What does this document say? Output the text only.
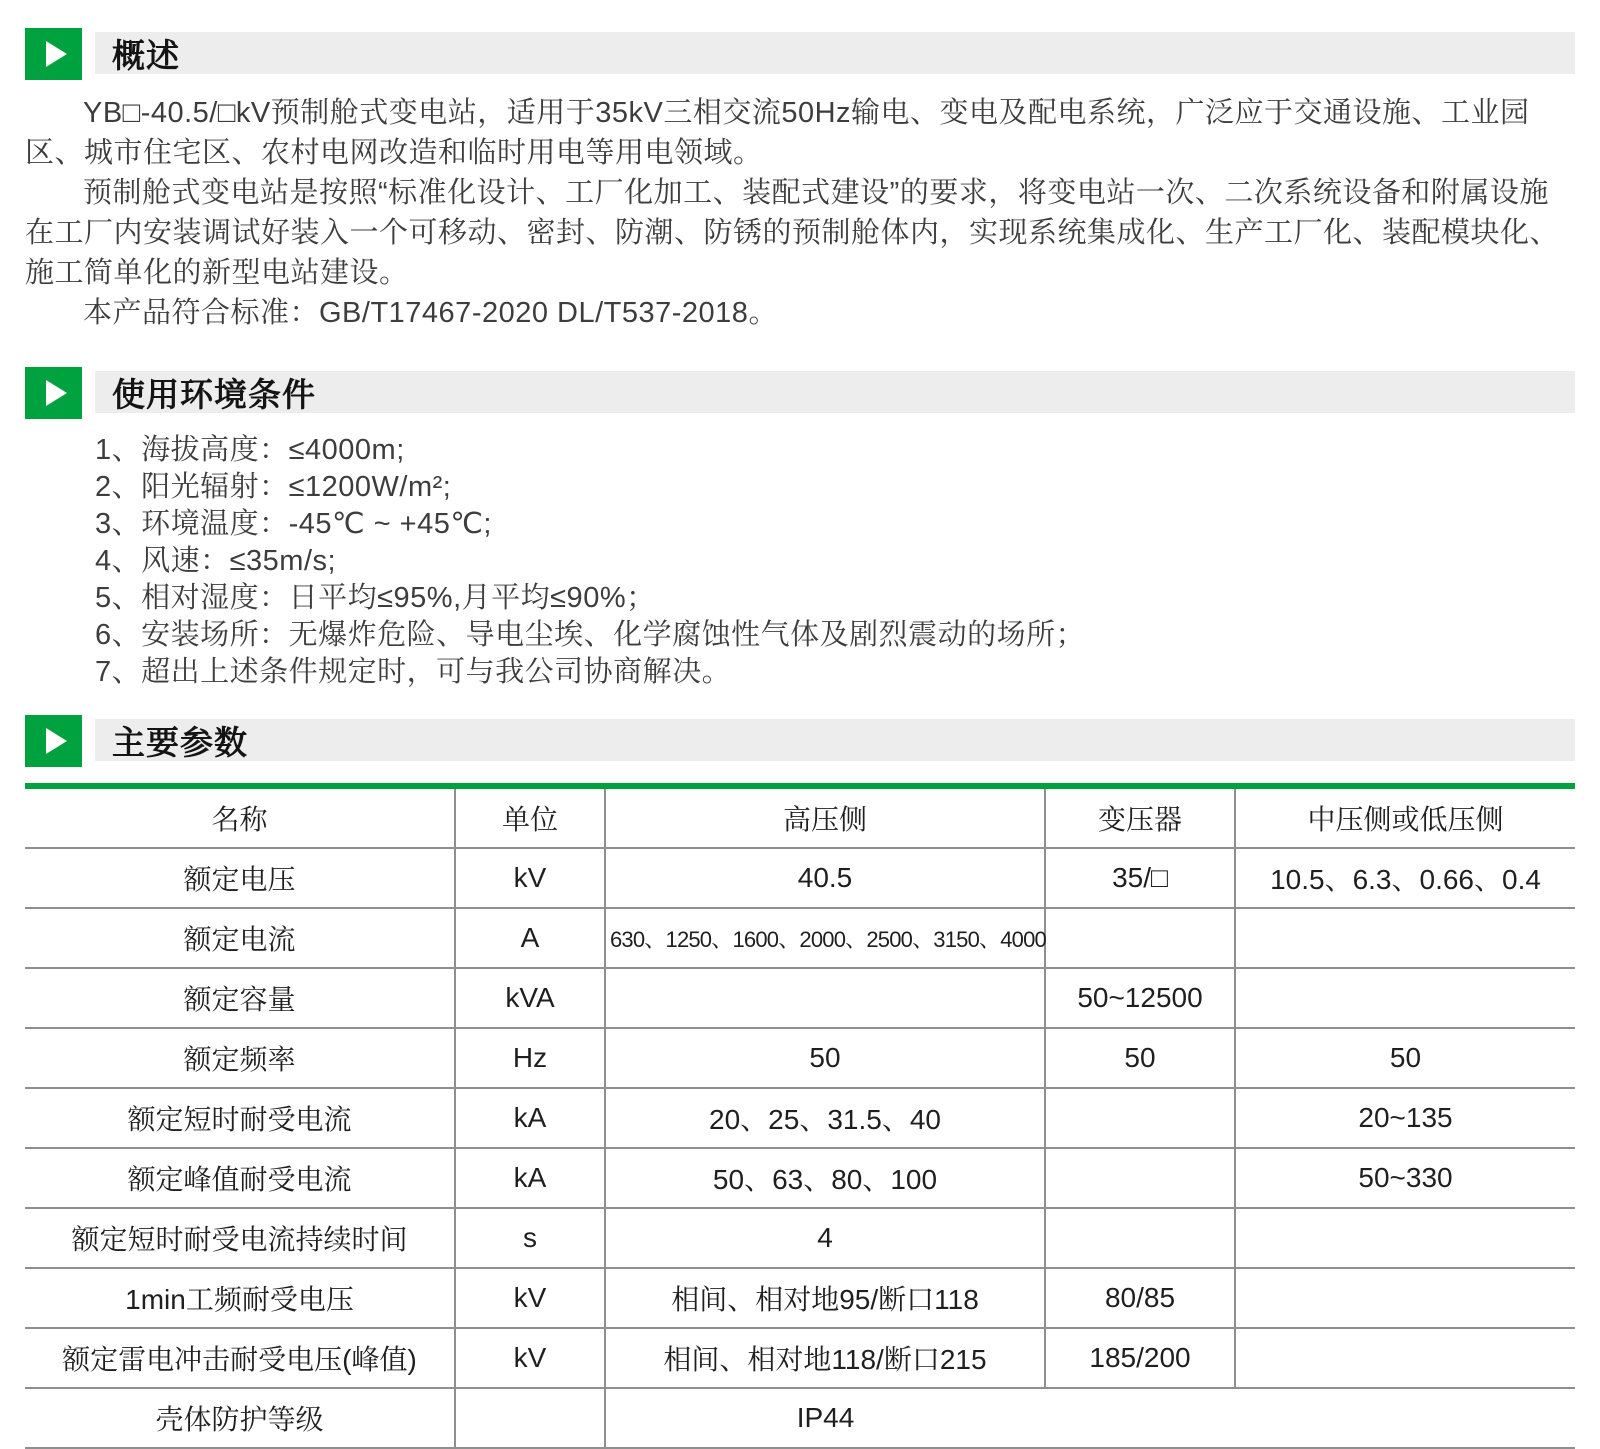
概述

YB□-40.5/□kV预制舱式变电站，适用于35kV三相交流50Hz输电、变电及配电系统，广泛应于交通设施、工业园区、城市住宅区、农村电网改造和临时用电等用电领域。

预制舱式变电站是按照“标准化设计、工厂化加工、装配式建设”的要求，将变电站一次、二次系统设备和附属设施在工厂内安装调试好装入一个可移动、密封、防潮、防锈的预制舱体内，实现系统集成化、生产工厂化、装配模块化、施工简单化的新型电站建设。

本产品符合标准：GB/T17467-2020 DL/T537-2018。

使用环境条件
1、海拔高度：≤4000m;
2、阳光辐射：≤1200W/m²;
3、环境温度：-45℃ ~ +45℃;
4、风速：≤35m/s;
5、相对湿度：日平均≤95%,月平均≤90%；
6、安装场所：无爆炸危险、导电尘埃、化学腐蚀性气体及剧烈震动的场所；
7、超出上述条件规定时，可与我公司协商解决。
主要参数
名称	单位	高压侧	变压器	中压侧或低压侧
额定电压	kV	40.5	35/□	10.5、6.3、0.66、0.4
额定电流	A	630、1250、1600、2000、2500、3150、4000		
额定容量	kVA		50~12500	
额定频率	Hz	50	50	50
额定短时耐受电流	kA	20、25、31.5、40		20~135
额定峰值耐受电流	kA	50、63、80、100		50~330
额定短时耐受电流持续时间	s	4		
1min工频耐受电压	kV	相间、相对地95/断口118	80/85	
额定雷电冲击耐受电压(峰值)	kV	相间、相对地118/断口215	185/200	
壳体防护等级		IP44		
